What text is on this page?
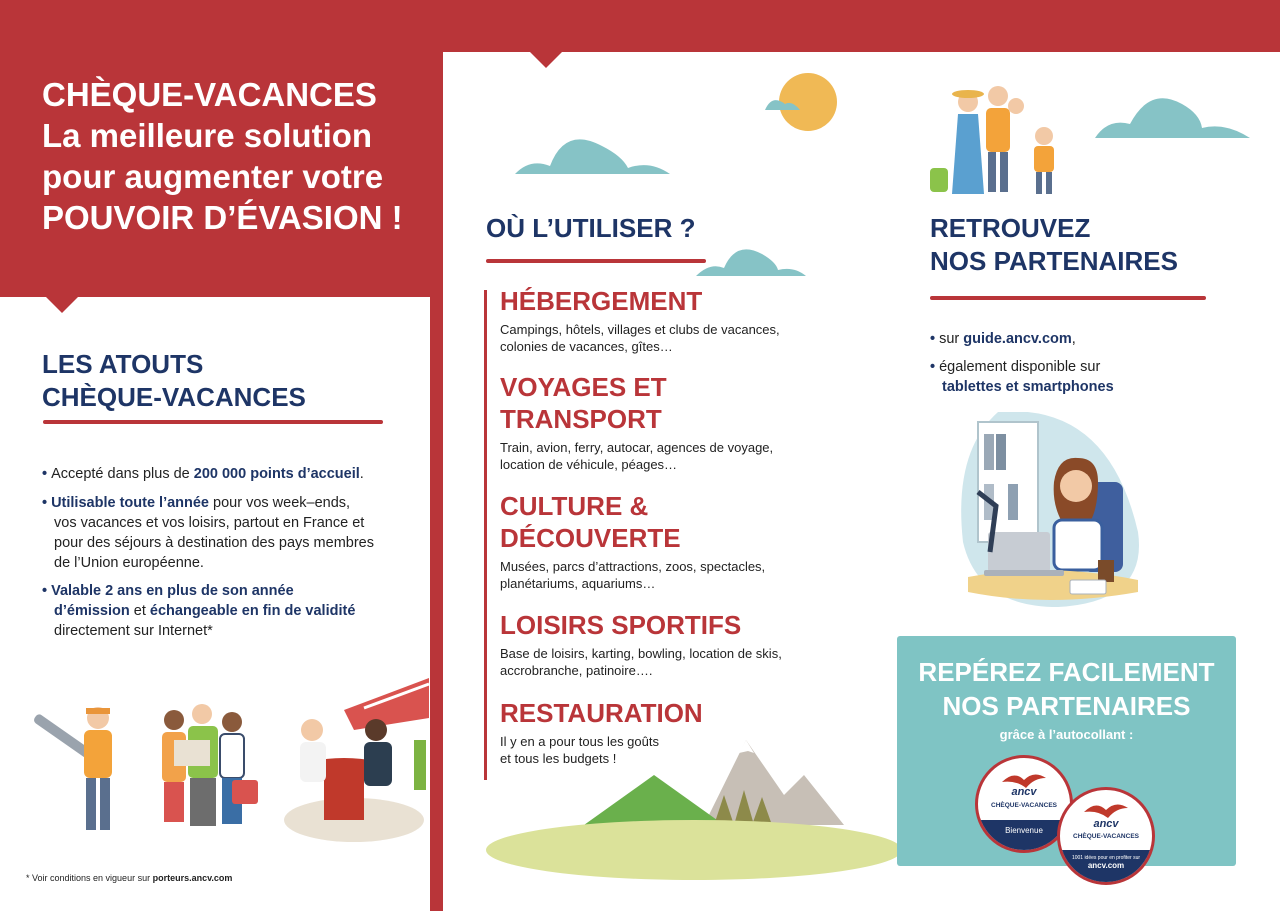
CHÈQUE-VACANCES
La meilleure solution
pour augmenter votre
POUVOIR D’ÉVASION !
LES ATOUTS
CHÈQUE-VACANCES
• Accepté dans plus de 200 000 points d’accueil.
• Utilisable toute l’année pour vos week–ends,
vos vacances et vos loisirs, partout en France et
pour des séjours à destination des pays membres
de l’Union européenne.
• Valable 2 ans en plus de son année
d’émission et échangeable en fin de validité
directement sur Internet*
* Voir conditions en vigueur sur porteurs.ancv.com
OÙ L’UTILISER ?
HÉBERGEMENT
Campings, hôtels, villages et clubs de vacances,
colonies de vacances, gîtes…
VOYAGES ET
TRANSPORT
Train, avion, ferry, autocar, agences de voyage,
location de véhicule, péages…
CULTURE &
DÉCOUVERTE
Musées, parcs d’attractions, zoos, spectacles,
planétariums, aquariums…
LOISIRS SPORTIFS
Base de loisirs, karting, bowling, location de skis,
accrobranche, patinoire….
RESTAURATION
Il y en a pour tous les goûts
et tous les budgets !
RETROUVEZ
NOS PARTENAIRES
• sur guide.ancv.com,
• également disponible sur
tablettes et smartphones
REPÉREZ FACILEMENT
NOS PARTENAIRES
grâce à l’autocollant :
ancv
CHÈQUE-VACANCES
Bienvenue
ancv
CHÈQUE-VACANCES
1001 idées pour en profiter sur
ancv.com
